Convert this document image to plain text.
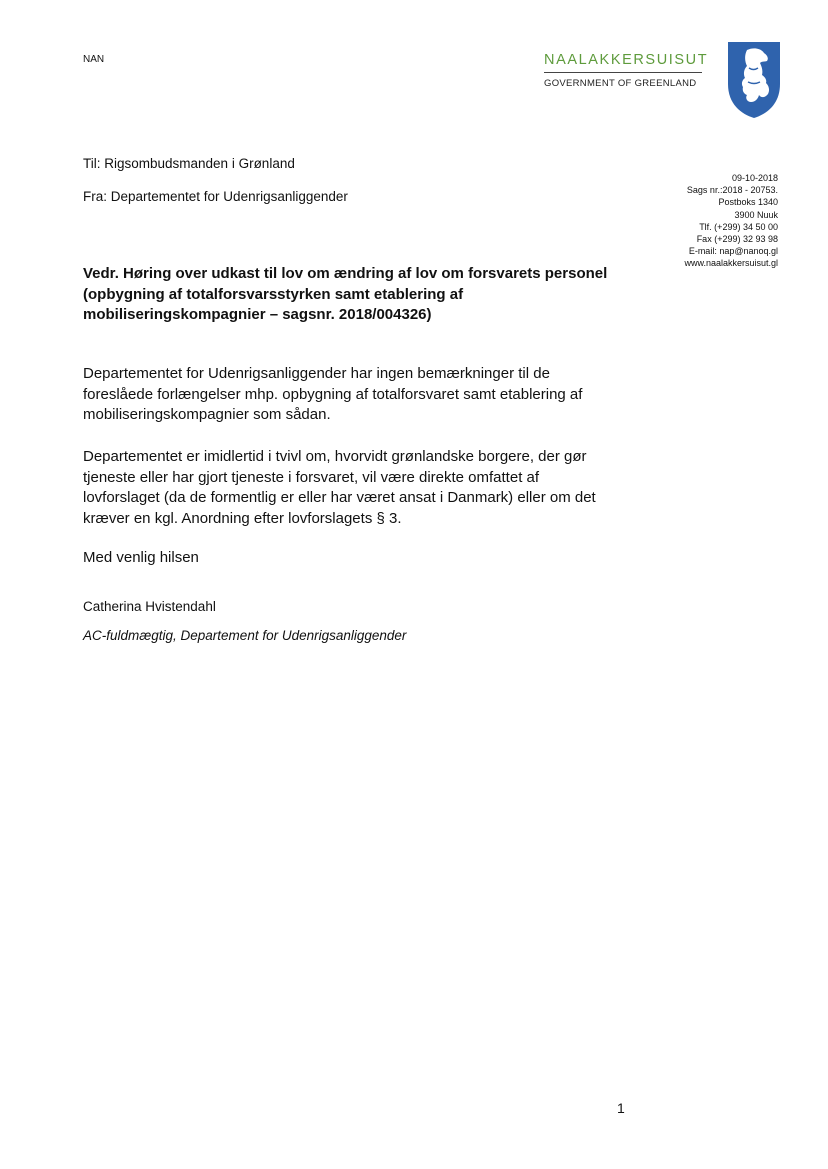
NAN	NAALAKKERSUISUT
GOVERNMENT OF GREENLAND
Til: Rigsombudsmanden i Grønland
Fra: Departementet for Udenrigsanliggender
09-10-2018
Sags nr.:2018 - 20753.
Postboks 1340
3900 Nuuk
Tlf. (+299) 34 50 00
Fax (+299) 32 93 98
E-mail: nap@nanoq.gl
www.naalakkersuisut.gl
Vedr. Høring over udkast til lov om ændring af lov om forsvarets personel
(opbygning af totalforsvarsstyrken samt etablering af
mobiliseringskompagnier – sagsnr. 2018/004326)
Departementet for Udenrigsanliggender har ingen bemærkninger til de
foreslåede forlængelser mhp. opbygning af totalforsvaret samt etablering af
mobiliseringskompagnier som sådan.
Departementet er imidlertid i tvivl om, hvorvidt grønlandske borgere, der gør
tjeneste eller har gjort tjeneste i forsvaret, vil være direkte omfattet af
lovforslaget (da de formentlig er eller har været ansat i Danmark) eller om det
kræver en kgl. Anordning efter lovforslagets § 3.
Med venlig hilsen
Catherina Hvistendahl
AC-fuldmægtig, Departement for Udenrigsanliggender
1
